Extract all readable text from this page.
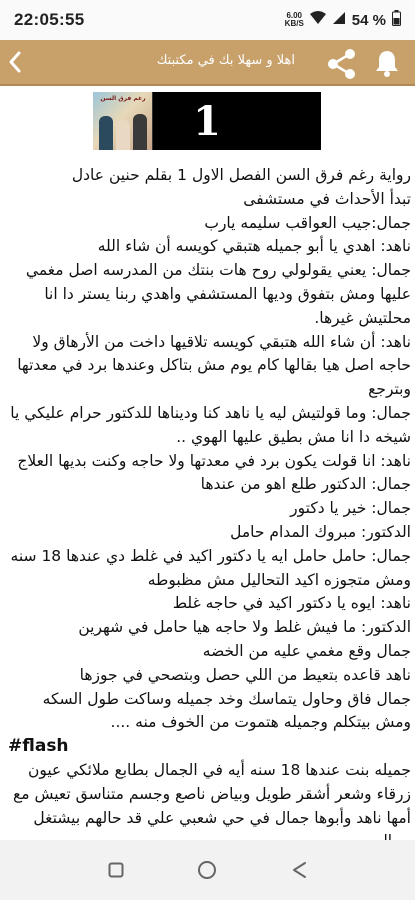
22:05:55	6.00
KB/S	54 %
اهلا و سهلا بك في مكتبتك
1
رغم فرق السن

رواية رغم فرق السن الفصل الاول 1 بقلم حنين عادل

تبدأ الأحداث في مستشفى

جمال:جيب العواقب سليمه يارب

ناهد: اهدي يا أبو جميله هتبقي كويسه أن شاء الله

جمال: يعني يقولولي روح هات بنتك من المدرسه اصل مغمي عليها ومش بتفوق وديها المستشفي واهدي ربنا يستر دا انا محلتيش غيرها.

ناهد: أن شاء الله هتبقي كويسه تلاقيها داخت من الأرهاق ولا حاجه اصل هيا بقالها كام يوم مش بتاكل وعندها برد في معدتها وبترجع

جمال: وما قولتيش ليه يا ناهد كنا وديناها للدكتور حرام عليكي يا شيخه دا انا مش بطيق عليها الهوي ..

ناهد: انا قولت يكون برد في معدتها ولا حاجه وكنت بديها العلاج

جمال: الدكتور طلع اهو من عندها

جمال: خير يا دكتور

الدكتور: مبروك المدام حامل

جمال: حامل حامل ايه يا دكتور اكيد في غلط دي عندها 18 سنه ومش متجوزه اكيد التحاليل مش مظبوطه

ناهد: ايوه يا دكتور اكيد في حاجه غلط

الدكتور: ما فيش غلط ولا حاجه هيا حامل في شهرين

جمال وقع مغمي عليه من الخضه

ناهد قاعده بتعيط من اللي حصل وبتصحي في جوزها

جمال فاق وحاول يتماسك وخد جميله وساكت طول السكه ومش بيتكلم وجميله هتموت من الخوف منه ....

#flash

جميله بنت عندها 18 سنه أيه في الجمال بطابع ملائكي عيون زرقاء وشعر أشقر طويل وبياض ناصع وجسم متناسق تعيش مع أمها ناهد وأبوها جمال في حي شعبي علي قد حالهم بيشتغل
